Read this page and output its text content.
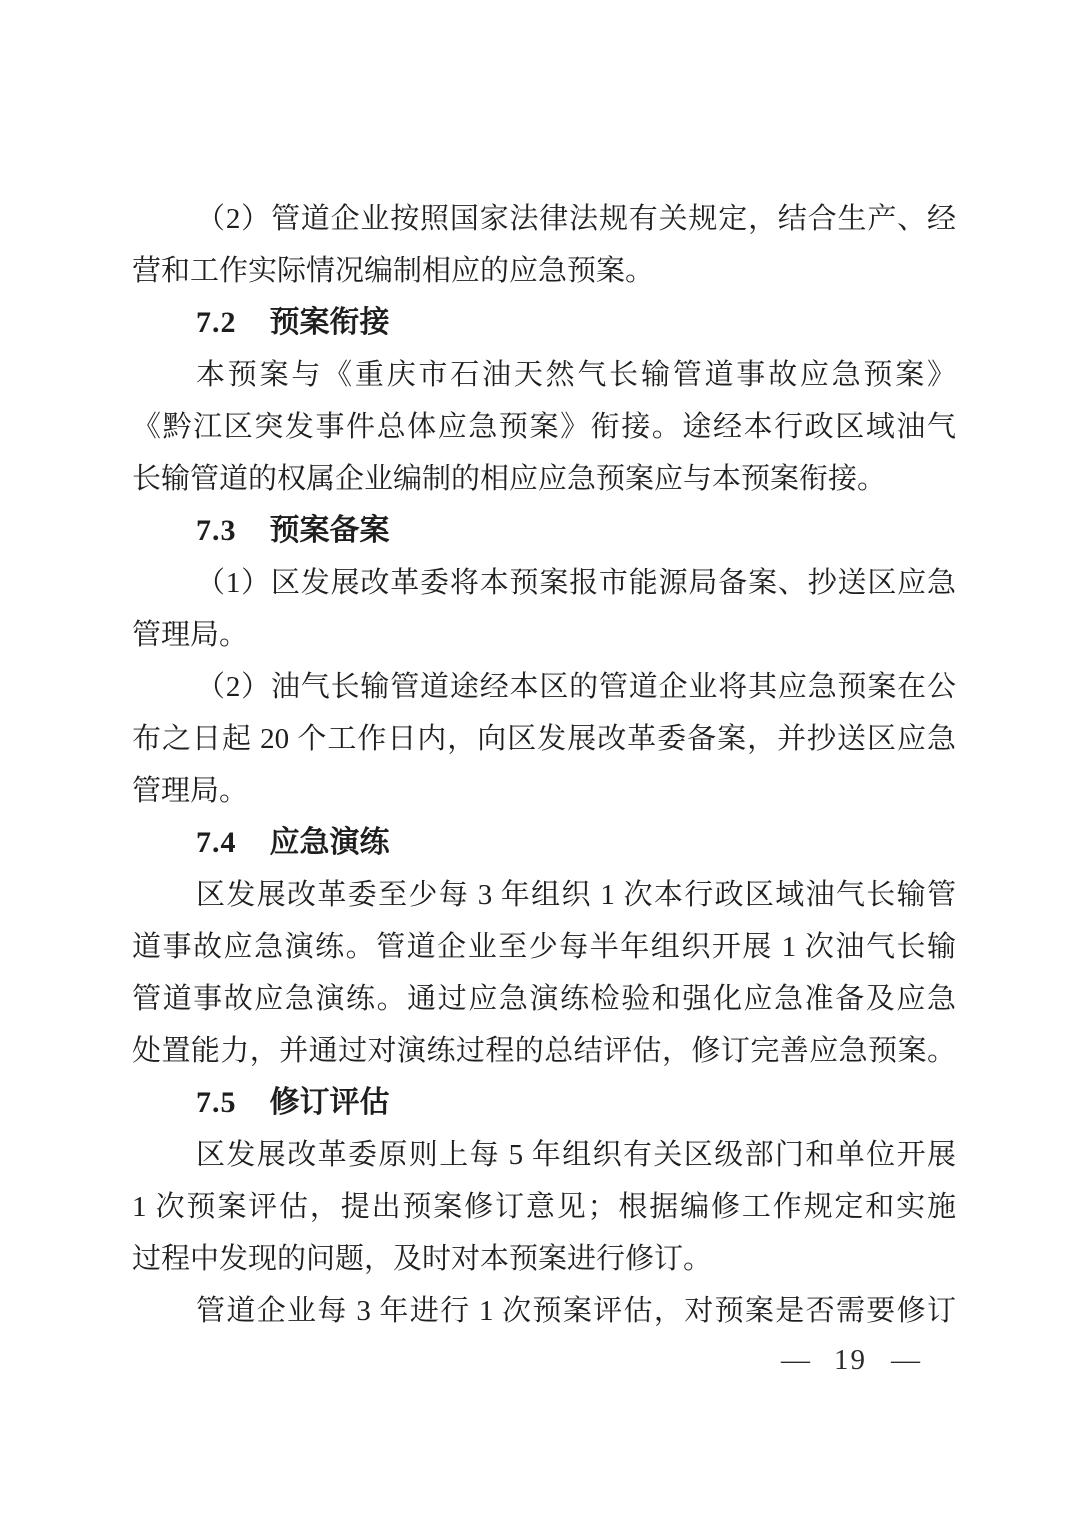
（2）管道企业按照国家法律法规有关规定，结合生产、经
营和工作实际情况编制相应的应急预案。
7.2 预案衔接
本预案与《重庆市石油天然气长输管道事故应急预案》
《黔江区突发事件总体应急预案》衔接。途经本行政区域油气
长输管道的权属企业编制的相应应急预案应与本预案衔接。
7.3 预案备案
（1）区发展改革委将本预案报市能源局备案、抄送区应急
管理局。
（2）油气长输管道途经本区的管道企业将其应急预案在公
布之日起 20 个工作日内，向区发展改革委备案，并抄送区应急
管理局。
7.4 应急演练
区发展改革委至少每 3 年组织 1 次本行政区域油气长输管
道事故应急演练。管道企业至少每半年组织开展 1 次油气长输
管道事故应急演练。通过应急演练检验和强化应急准备及应急
处置能力，并通过对演练过程的总结评估，修订完善应急预案。
7.5 修订评估
区发展改革委原则上每 5 年组织有关区级部门和单位开展
1 次预案评估，提出预案修订意见；根据编修工作规定和实施
过程中发现的问题，及时对本预案进行修订。
管道企业每 3 年进行 1 次预案评估，对预案是否需要修订
— 19 —
